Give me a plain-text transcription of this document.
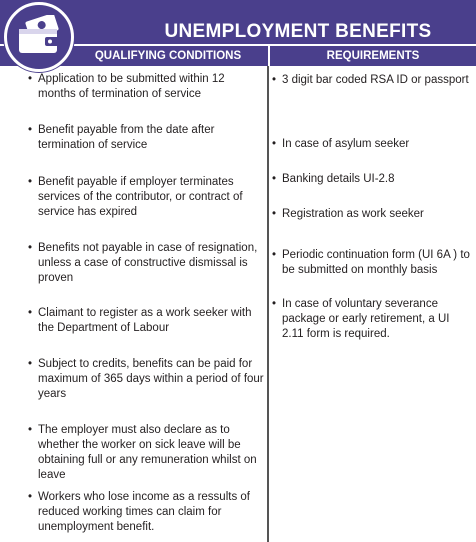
UNEMPLOYMENT BENEFITS
QUALIFYING CONDITIONS	REQUIREMENTS
• Application to be submitted within 12 months of termination of service
• Benefit payable from the date after termination of service
• Benefit payable if employer terminates services of the contributor, or contract of service has expired
• Benefits not payable in case of resignation, unless a case of constructive dismissal is proven
• Claimant to register as a work seeker with the Department of Labour
• Subject to credits, benefits can be paid for maximum of 365 days within a period of four years
• The employer must also declare as to whether the worker on sick leave will be obtaining full or any remuneration whilst on leave
• Workers who lose income as a ressults of reduced working times can claim for unemployment benefit.
• 3 digit bar coded RSA ID or passport
• In case of asylum seeker
• Banking details UI-2.8
• Registration as work seeker
• Periodic continuation form (UI 6A ) to be submitted on monthly basis
• In case of voluntary severance package or early retirement, a UI 2.11 form is required.
